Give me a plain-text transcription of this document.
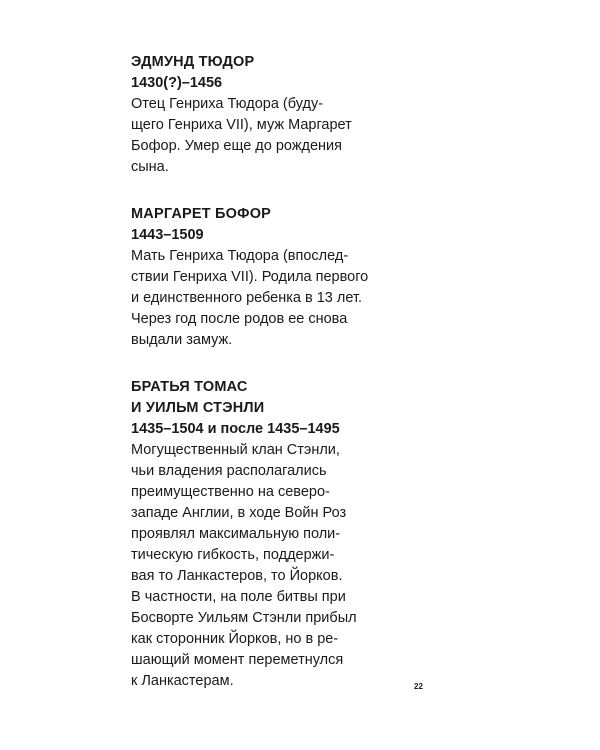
ЭДМУНД ТЮДОР

1430(?)–1456

Отец Генриха Тюдора (буду-
щего Генриха VII), муж Маргарет
Бофор. Умер еще до рождения
сына.

МАРГАРЕТ БОФОР

1443–1509

Мать Генриха Тюдора (впослед-
ствии Генриха VII). Родила первого
и единственного ребенка в 13 лет.
Через год после родов ее снова
выдали замуж.

БРАТЬЯ ТОМАС
И УИЛЬМ СТЭНЛИ

1435–1504 и после 1435–1495

Могущественный клан Стэнли,
чьи владения располагались
преимущественно на северо-
западе Англии, в ходе Войн Роз
проявлял максимальную поли-
тическую гибкость, поддержи-
вая то Ланкастеров, то Йорков.
В частности, на поле битвы при
Босворте Уильям Стэнли прибыл
как сторонник Йорков, но в ре-
шающий момент переметнулся
к Ланкастерам.	22
